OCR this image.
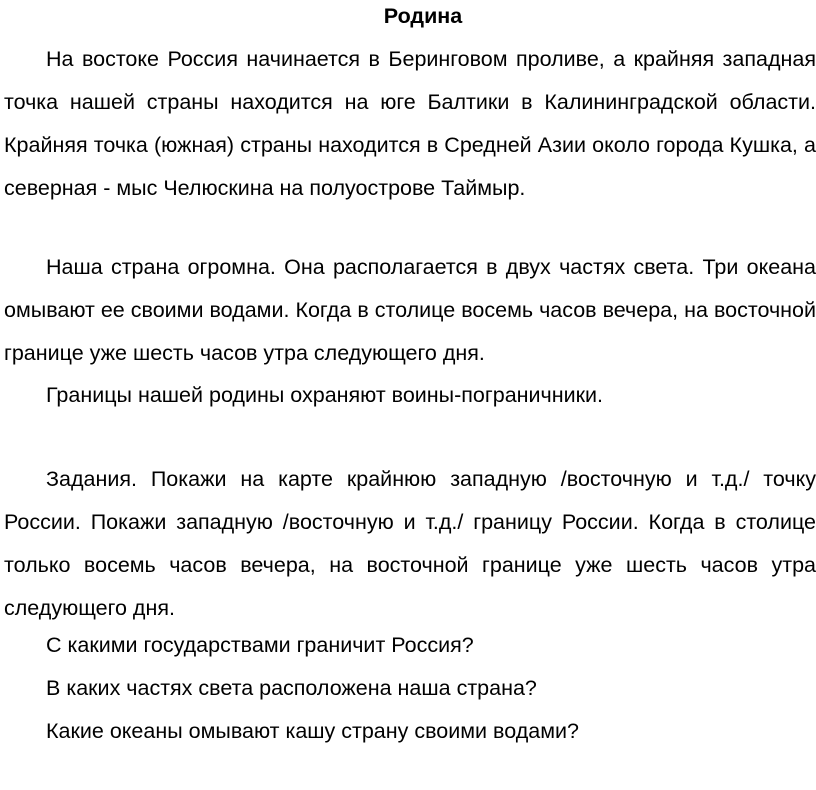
Родина

На востоке Россия начинается в Беринговом проливе, а крайняя западная точка нашей страны находится на юге Балтики в Калининградской области. Крайняя точка (южная) страны находится в Средней Азии около города Кушка, а северная - мыс Челюскина на полуострове Таймыр.

Наша страна огромна. Она располагается в двух частях света. Три океана омывают ее своими водами. Когда в столице восемь часов вечера, на восточной границе уже шесть часов утра следующего дня.

Границы нашей родины охраняют воины-пограничники.

Задания. Покажи на карте крайнюю западную /восточную и т.д./ точку России. Покажи западную /восточную и т.д./ границу России. Когда в столице только восемь часов вечера, на восточной границе уже шесть часов утра следующего дня.

С какими государствами граничит Россия?

В каких частях света расположена наша страна?

Какие океаны омывают кашу страну своими водами?
